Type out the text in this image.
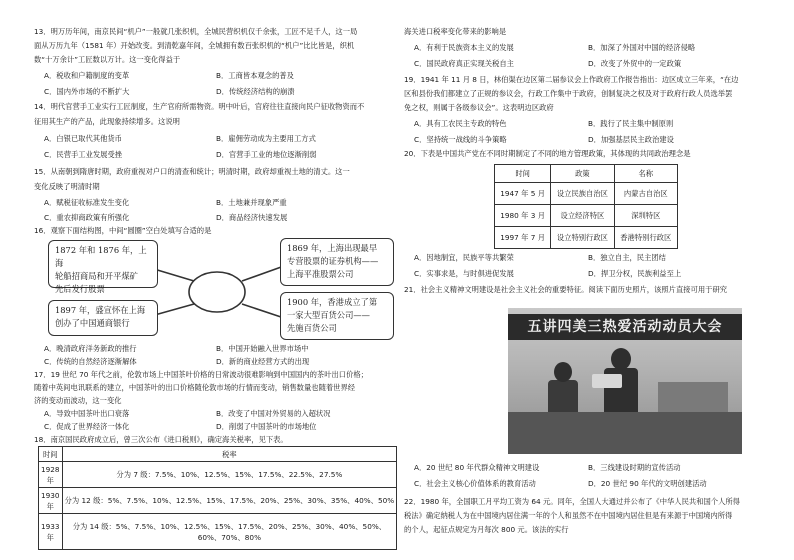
13．明万历年间，南京民间“机户”一般就几张织机，全城民营织机仅千余张，工匠不足千人，这一局
面从万历九年（1581 年）开始改变。到清乾嘉年间，全城拥有数百张织机的“机户”比比皆是，织机
数“十万余计”工匠数以万计。这一变化得益于
A．税收和户籍制度的变革	B．工商皆本观念的普及
C．国内外市场的不断扩大	D．传统经济结构的崩溃
14．明代官营手工业实行工匠制度，生产官府所需物资。明中叶后，官府往往直接向民户征收物资而不
征用其生产的产品，此现象持续增多。这说明
A．白银已取代其他货币	B．雇佣劳动成为主要用工方式
C．民营手工业发展受挫	D．官营手工业的地位逐渐削弱
15．从南朝到隋唐时期，政府重视对户口的清查和统计；明清时期，政府却重视土地的清丈。这一
变化反映了明清时期
A．赋税征收标准发生变化	B．土地兼并现象严重
C．重农抑商政策有所强化	D．商品经济快速发展
16．观察下面结构图，中间“圆圈”空白处填写合适的是
1872 年和 1876 年，上海
轮船招商局和开平煤矿
先后发行股票
1869 年，上海出现最早
专营股票的证券机构——
上海平准股票公司
1897 年，盛宣怀在上海
创办了中国通商银行
1900 年，香港成立了第
一家大型百货公司——
先施百货公司
A．晚清政府洋务新政的推行	B．中国开始融入世界市场中
C．传统的自然经济逐渐解体	D．新的商业经营方式的出现
17．19 世纪 70 年代之前，伦敦市场上中国茶叶价格的日常波动很难影响到中国国内的茶叶出口价格；
随着中英间电讯联系的建立，中国茶叶的出口价格随伦敦市场的行情而变动，销售数量也随着世界经
济的变动而波动，这一变化
A．导致中国茶叶出口衰落	B．改变了中国对外贸易的入超状况
C．促成了世界经济一体化	D．削弱了中国茶叶的市场地位
18．南京国民政府成立后，曾三次公布《进口税则》，确定海关税率，见下表。
时间	税率
1928 年	分为 7 级：7.5%、10%、12.5%、15%、17.5%、22.5%、27.5%
1930 年	分为 12 级：5%、7.5%、10%、12.5%、15%、17.5%、20%、25%、30%、35%、40%、50%
1933 年	分为 14 级：5%、7.5%、10%、12.5%、15%、17.5%、20%、25%、30%、40%、50%、
60%、70%、80%
海关进口税率变化带来的影响是
A．有利于民族资本主义的发展	B．加深了外国对中国的经济侵略
C．国民政府真正实现关税自主	D．改变了外贸中的一定政策
19．1941 年 11 月 8 日，林伯渠在边区第二届参议会上作政府工作报告指出：边区成立三年来，“在边
区和县份我们都建立了正规的参议会，行政工作集中于政府，创制复决之权及对于政府行政人员选举罢
免之权，则属于各级参议会”。这表明边区政府
A．具有工农民主专政的特色	B．践行了民主集中制原则
C．坚持统一战线的斗争策略	D．加强基层民主政治建设
20．下表是中国共产党在不同时期制定了不同的地方管理政策，其体现的共同政治理念是
时间	政策	名称
1947 年 5 月	设立民族自治区	内蒙古自治区
1980 年 3 月	设立经济特区	深圳特区
1997 年 7 月	设立特别行政区	香港特别行政区
A．因地制宜，民族平等共繁荣	B．独立自主，民主团结
C．实事求是，与时俱进促发展	D．捍卫分权，民族利益至上
21．社会主义精神文明建设是社会主义社会的重要特征。阅读下面历史照片，该照片直接可用于研究
五讲四美三热爱活动动员大会
A．20 世纪 80 年代群众精神文明建设	B．三线建设时期的宣传活动
C．社会主义核心价值体系的教育活动	D．20 世纪 90 年代的文明创建活动
22．1980 年，全国职工月平均工资为 64 元。同年，全国人大通过并公布了《中华人民共和国个人所得
税法》确定纳税人为在中国境内居住满一年的个人和虽然不在中国境内居住但是有来源于中国境内所得
的个人，起征点规定为月每次 800 元。该法的实行
